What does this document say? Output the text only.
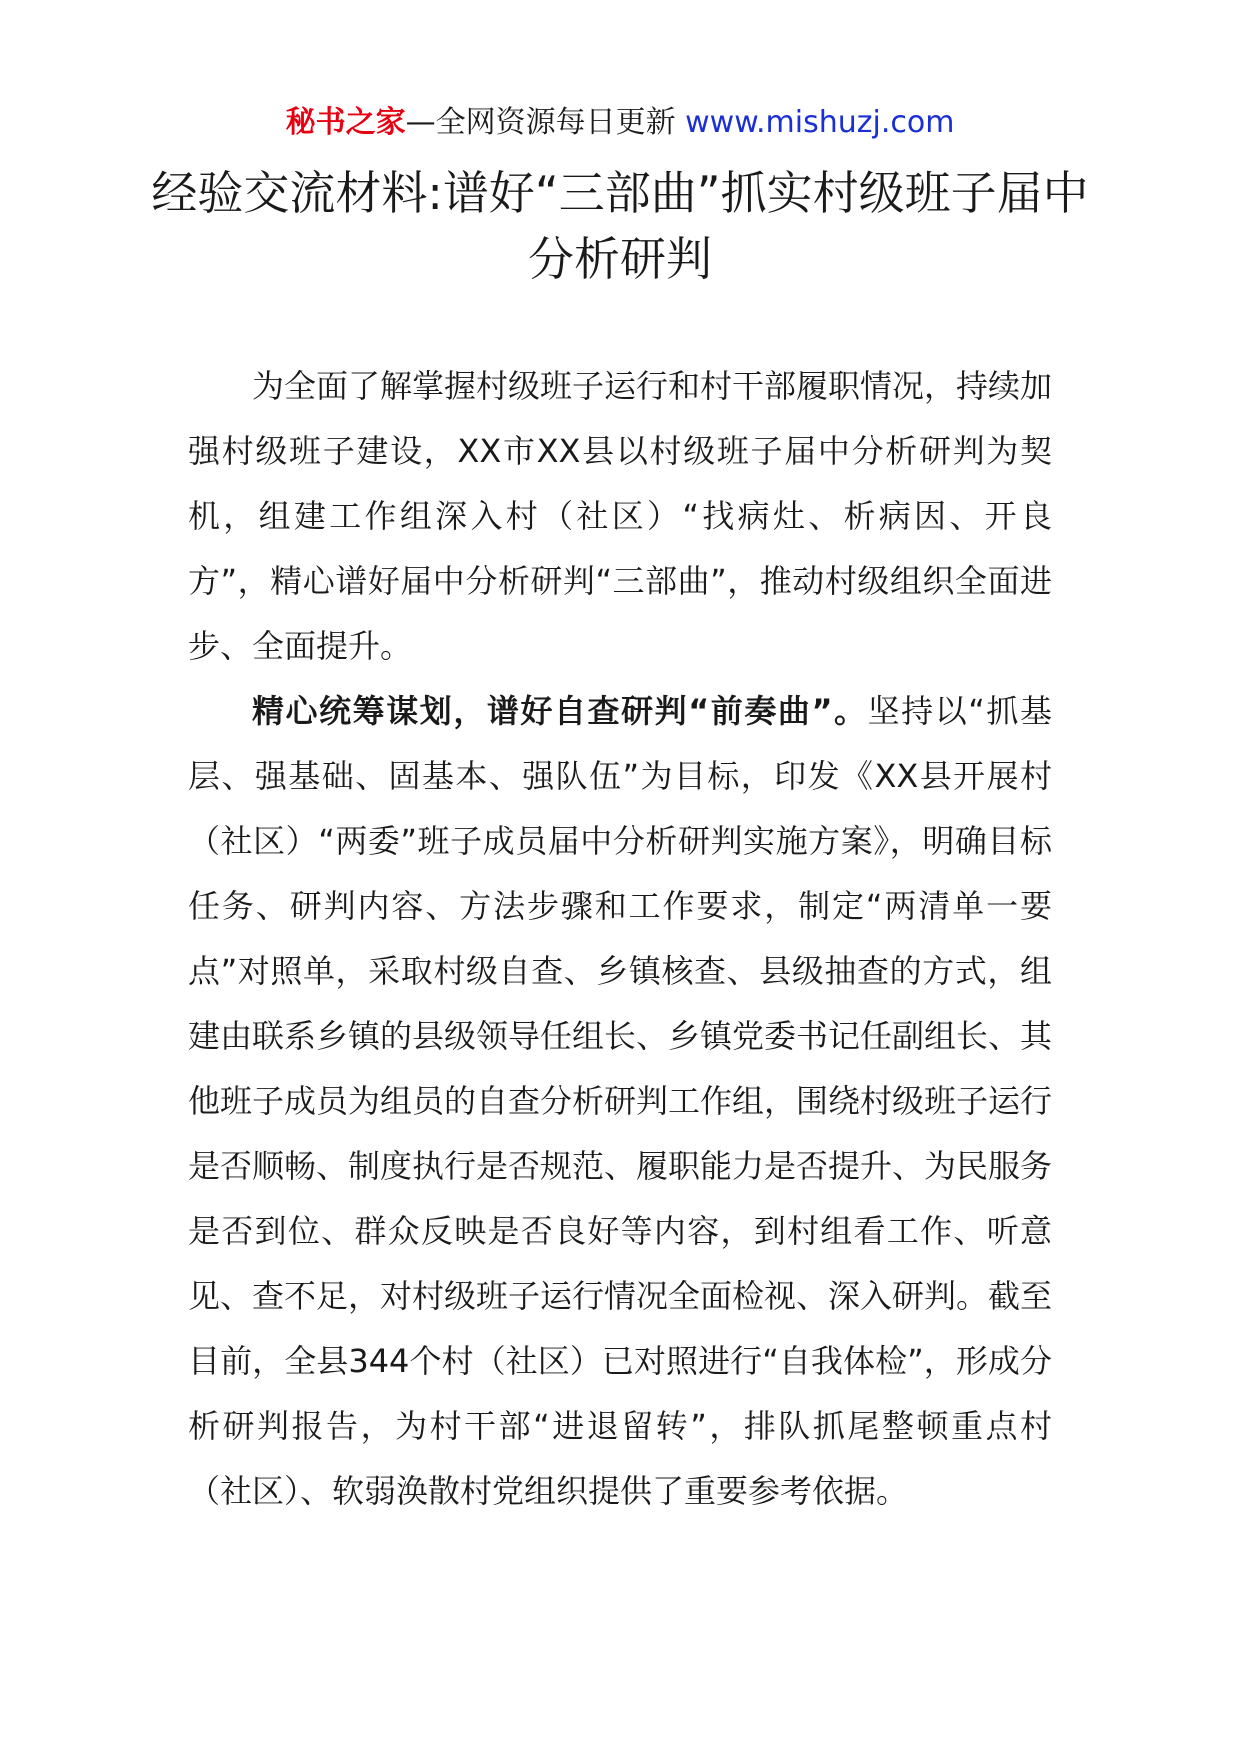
秘书之家—全网资源每日更新 www.mishuzj.com
经验交流材料:谱好“三部曲”抓实村级班子届中分析研判

为全面了解掌握村级班子运行和村干部履职情况，持续加强村级班子建设，XX市XX县以村级班子届中分析研判为契机，组建工作组深入村（社区）“找病灶、析病因、开良方”，精心谱好届中分析研判“三部曲”，推动村级组织全面进步、全面提升。

精心统筹谋划，谱好自查研判“前奏曲”。坚持以“抓基层、强基础、固基本、强队伍”为目标，印发《XX县开展村（社区）“两委”班子成员届中分析研判实施方案》，明确目标任务、研判内容、方法步骤和工作要求，制定“两清单一要点”对照单，采取村级自查、乡镇核查、县级抽查的方式，组建由联系乡镇的县级领导任组长、乡镇党委书记任副组长、其他班子成员为组员的自查分析研判工作组，围绕村级班子运行是否顺畅、制度执行是否规范、履职能力是否提升、为民服务是否到位、群众反映是否良好等内容，到村组看工作、听意见、查不足，对村级班子运行情况全面检视、深入研判。截至目前，全县344个村（社区）已对照进行“自我体检”，形成分析研判报告，为村干部“进退留转”，排队抓尾整顿重点村（社区）、软弱涣散村党组织提供了重要参考依据。
